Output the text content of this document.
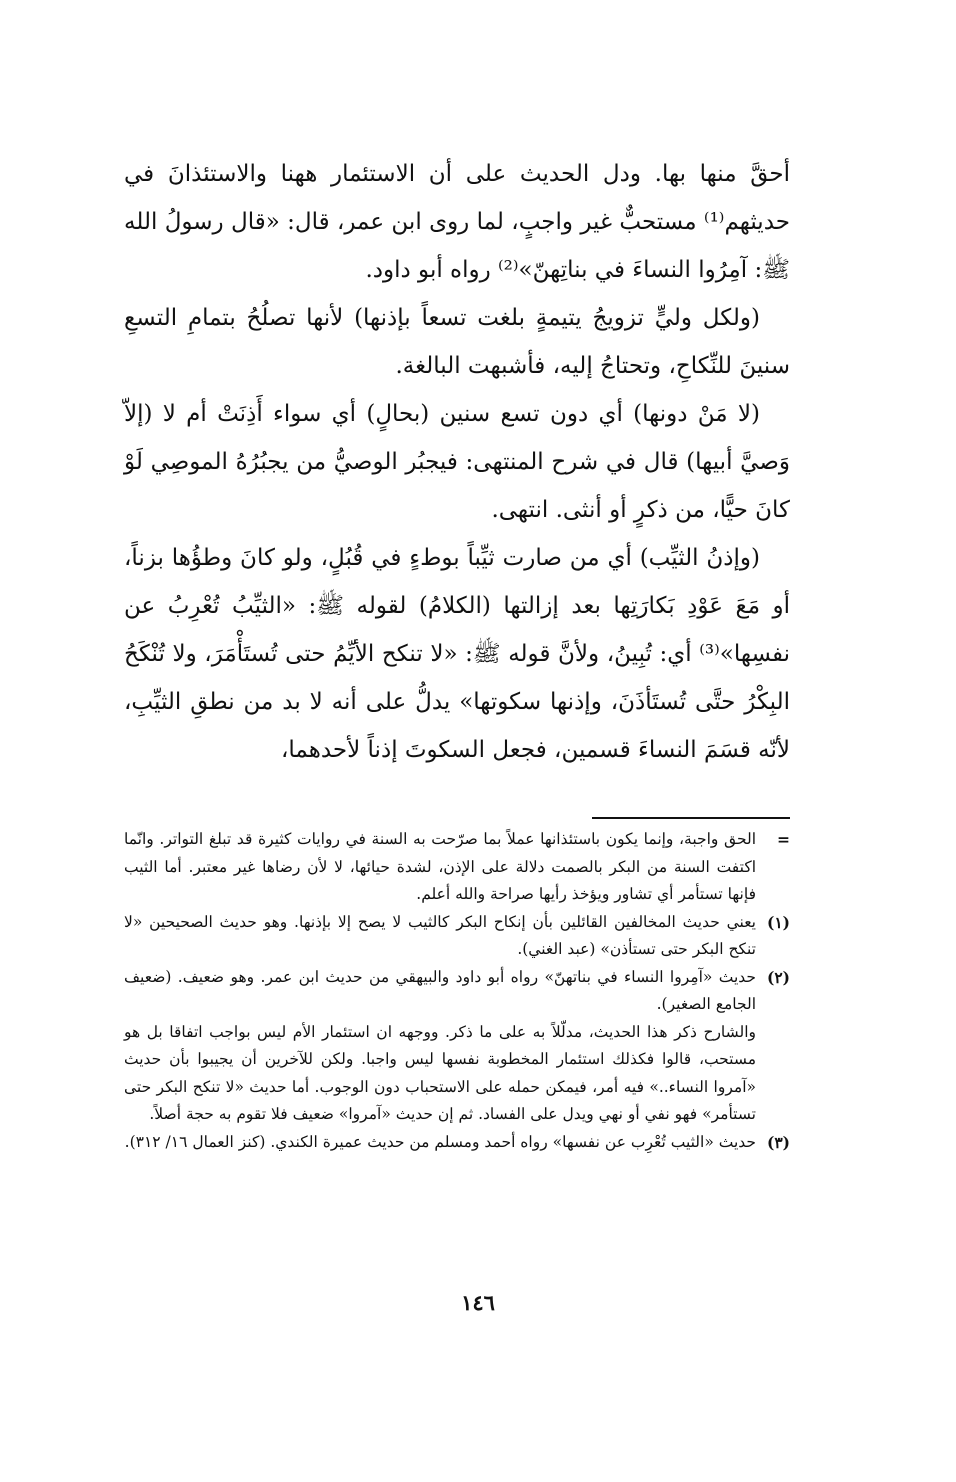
أحقَّ منها بها. ودل الحديث على أن الاستئمار ههنا والاستئذانَ في حديثهم⁽¹⁾ مستحبٌّ غير واجبٍ، لما روى ابن عمر، قال: «قال رسولُ الله ﷺ: آمِرُوا النساءَ في بناتِهنّ»⁽²⁾ رواه أبو داود.

(ولكل وليٍّ تزويجُ يتيمةٍ بلغت تسعاً بإذنها) لأنها تصلُحُ بتمامِ التسعِ سنينَ للنِّكاحِ، وتحتاجُ إليه، فأشبهت البالغة.

(لا مَنْ دونها) أي دون تسع سنين (بحالٍ) أي سواء أَذِنَتْ أم لا (إلاّ وَصيَّ أبيها) قال في شرح المنتهى: فيجبُر الوصيُّ من يجبُرُهُ الموصِي لَوْ كانَ حيًّا، من ذكرٍ أو أنثى. انتهى.

(وإذنُ الثيِّب) أي من صارت ثيِّباً بوطءٍ في قُبُلٍ، ولو كانَ وطؤُها بزناً، أو مَعَ عَوْدِ بَكارَتِها بعد إزالتها (الكلامُ) لقوله ﷺ: «الثيِّبُ تُعْرِبُ عن نفسِها»⁽³⁾ أي: تُبِينُ، ولأنَّ قوله ﷺ: «لا تنكح الأيِّمُ حتى تُستَأْمَرَ، ولا تُنْكَحُ البِكْرُ حتَّى تُستَأذَنَ، وإذنها سكوتها» يدلُّ على أنه لا بد من نطقِ الثيِّبِ، لأنّه قسَمَ النساءَ قسمين، فجعل السكوتَ إذناً لأحدهما،

=

الحق واجبة، وإنما يكون باستئذانها عملاً بما صرّحت به السنة في روايات كثيرة قد تبلغ التواتر. وانّما اكتفت السنة من البكر بالصمت دلالة على الإذن، لشدة حيائها، لا لأن رضاها غير معتبر. أما الثيب فإنها تستأمر أي تشاور ويؤخذ رأيها صراحة والله أعلم.

(١)

يعني حديث المخالفين القائلين بأن إنكاح البكر كالثيب لا يصح إلا بإذنها. وهو حديث الصحيحين «لا تنكح البكر حتى تستأذن» (عبد الغني).

(٢)

حديث «آمِروا النساء في بناتهنّ» رواه أبو داود والبيهقي من حديث ابن عمر. وهو ضعيف. (ضعيف الجامع الصغير).

والشارح ذكر هذا الحديث، مدلّلاً به على ما ذكر. ووجهه ان استئمار الأم ليس بواجب اتفاقا بل هو مستحب، قالوا فكذلك استئمار المخطوبة نفسها ليس واجبا. ولكن للآخرين أن يجيبوا بأن حديث «آمروا النساء..» فيه أمر، فيمكن حمله على الاستحباب دون الوجوب. أما حديث «لا تنكح البكر حتى تستأمر» فهو نفي أو نهي ويدل على الفساد. ثم إن حديث «آمروا» ضعيف فلا تقوم به حجة أصلاً.

(٣)

حديث «الثيب تُعْرِب عن نفسها» رواه أحمد ومسلم من حديث عميرة الكندي. (كنز العمال ١٦/ ٣١٢).

١٤٦
